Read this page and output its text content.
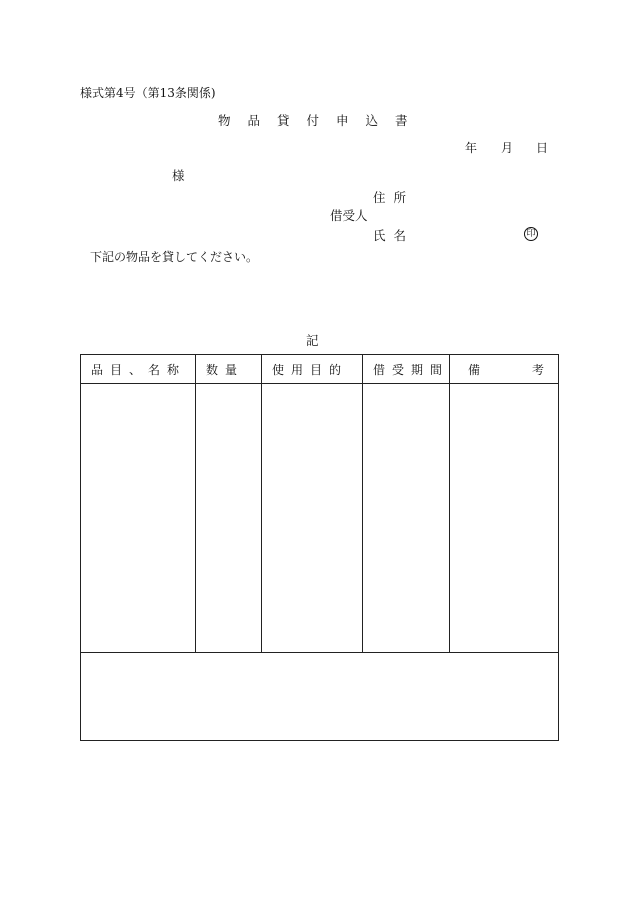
様式第4号（第13条関係)
物品貸付申込書
年 月 日
様
住所
借受人
氏名	印
下記の物品を貸してください。
記
品目、名称	数量	使用目的	借受期間	備 考
